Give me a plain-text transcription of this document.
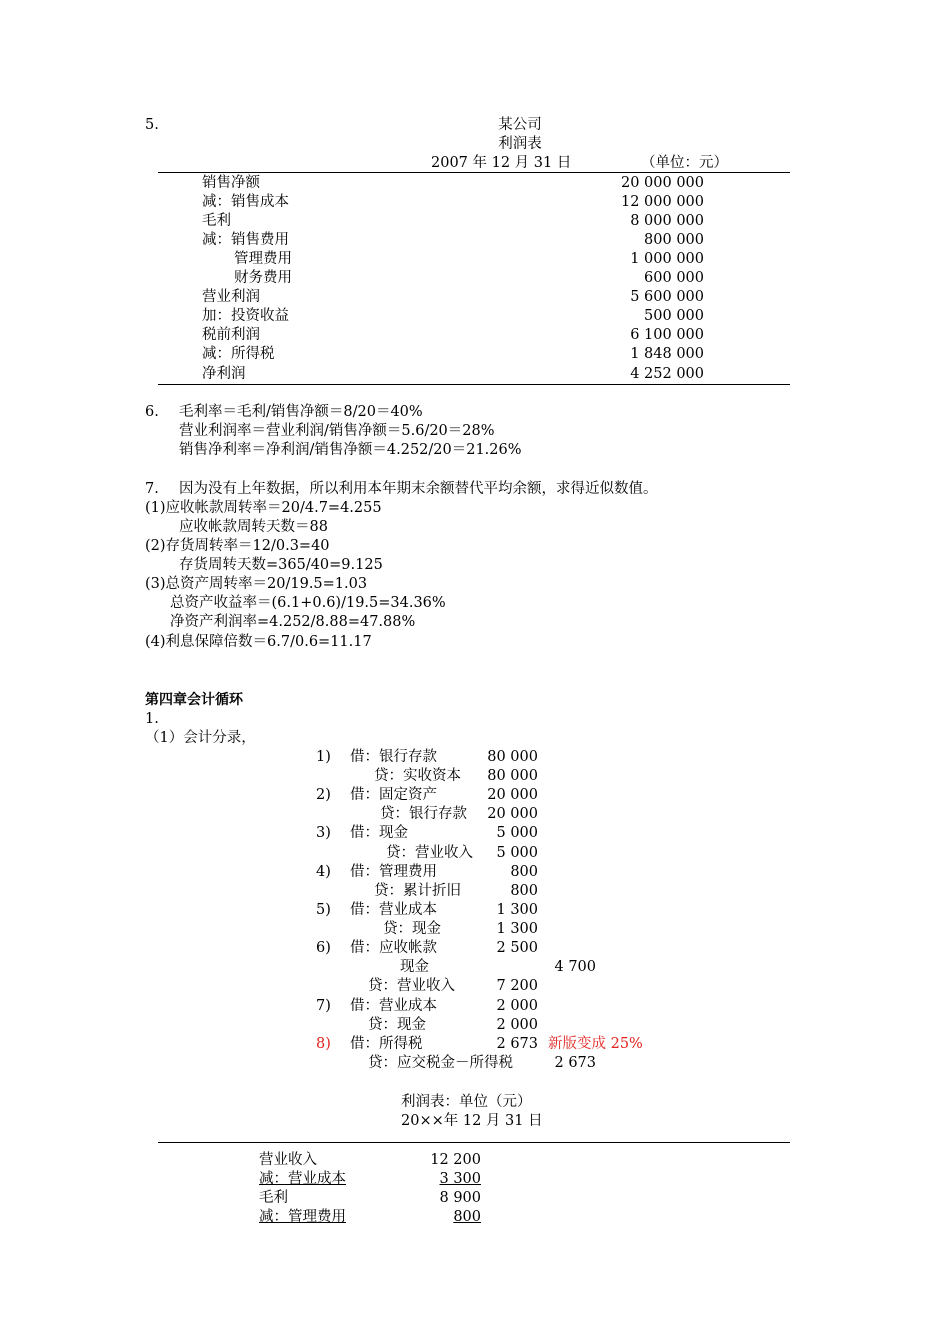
5.	某公司
利润表
2007 年 12 月 31 日	（单位：元）
销售净额	20 000 000
减：销售成本	12 000 000
毛利	8 000 000
减：销售费用	800 000
管理费用	1 000 000
财务费用	600 000
营业利润	5 600 000
加：投资收益	500 000
税前利润	6 100 000
减：所得税	1 848 000
净利润	4 252 000
6. 毛利率＝毛利/销售净额＝8/20＝40%
营业利润率＝营业利润/销售净额＝5.6/20＝28%
销售净利率＝净利润/销售净额＝4.252/20＝21.26%
7. 因为没有上年数据，所以利用本年期末余额替代平均余额，求得近似数值。
(1)应收帐款周转率＝20/4.7=4.255
应收帐款周转天数＝88
(2)存货周转率＝12/0.3=40
存货周转天数=365/40=9.125
(3)总资产周转率＝20/19.5=1.03
总资产收益率＝(6.1+0.6)/19.5=34.36%
净资产利润率=4.252/8.88=47.88%
(4)利息保障倍数＝6.7/0.6=11.17
第四章会计循环
1.
（1）会计分录，
1) 借：银行存款	80 000
贷：实收资本	80 000
2) 借：固定资产	20 000
贷：银行存款	20 000
3) 借：现金	5 000
贷：营业收入	5 000
4) 借：管理费用	800
贷：累计折旧	800
5) 借：营业成本	1 300
贷：现金	1 300
6) 借：应收帐款	2 500
现金	4 700
贷：营业收入	7 200
7) 借：营业成本	2 000
贷：现金	2 000
8) 借：所得税	2 673 新版变成 25%
贷：应交税金－所得税	2 673
利润表：单位（元）
20××年 12 月 31 日
营业收入	12 200
减：营业成本	3 300
毛利	8 900
减：管理费用	800
